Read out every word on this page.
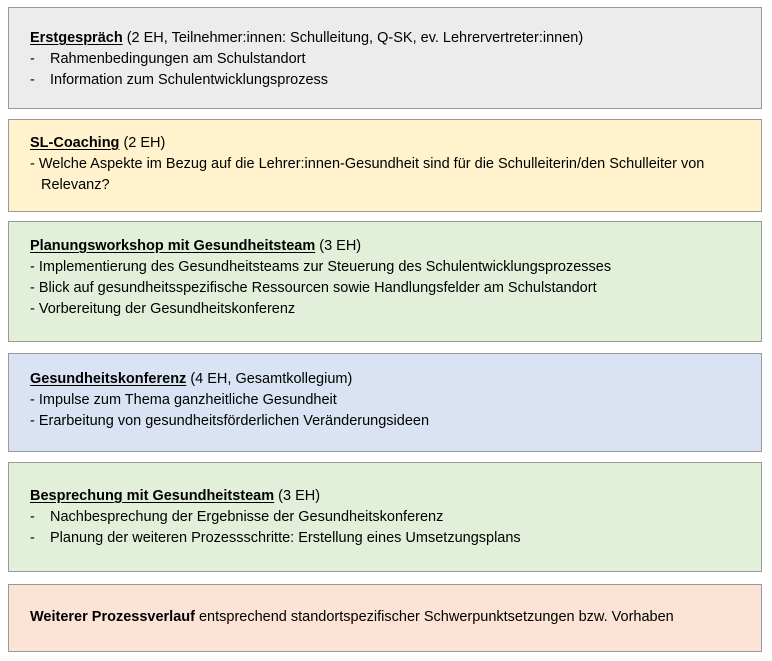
Erstgespräch (2 EH, Teilnehmer:innen: Schulleitung, Q-SK, ev. Lehrervertreter:innen)
- Rahmenbedingungen am Schulstandort
- Information zum Schulentwicklungsprozess
SL-Coaching (2 EH)
- Welche Aspekte im Bezug auf die Lehrer:innen-Gesundheit sind für die Schulleiterin/den Schulleiter von Relevanz?
Planungsworkshop mit Gesundheitsteam (3 EH)
- Implementierung des Gesundheitsteams zur Steuerung des Schulentwicklungsprozesses
- Blick auf gesundheitsspezifische Ressourcen sowie Handlungsfelder am Schulstandort
- Vorbereitung der Gesundheitskonferenz
Gesundheitskonferenz (4 EH, Gesamtkollegium)
- Impulse zum Thema ganzheitliche Gesundheit
- Erarbeitung von gesundheitsförderlichen Veränderungsideen
Besprechung mit Gesundheitsteam (3 EH)
- Nachbesprechung der Ergebnisse der Gesundheitskonferenz
- Planung der weiteren Prozessschritte: Erstellung eines Umsetzungsplans
Weiterer Prozessverlauf entsprechend standortspezifischer Schwerpunktsetzungen bzw. Vorhaben
